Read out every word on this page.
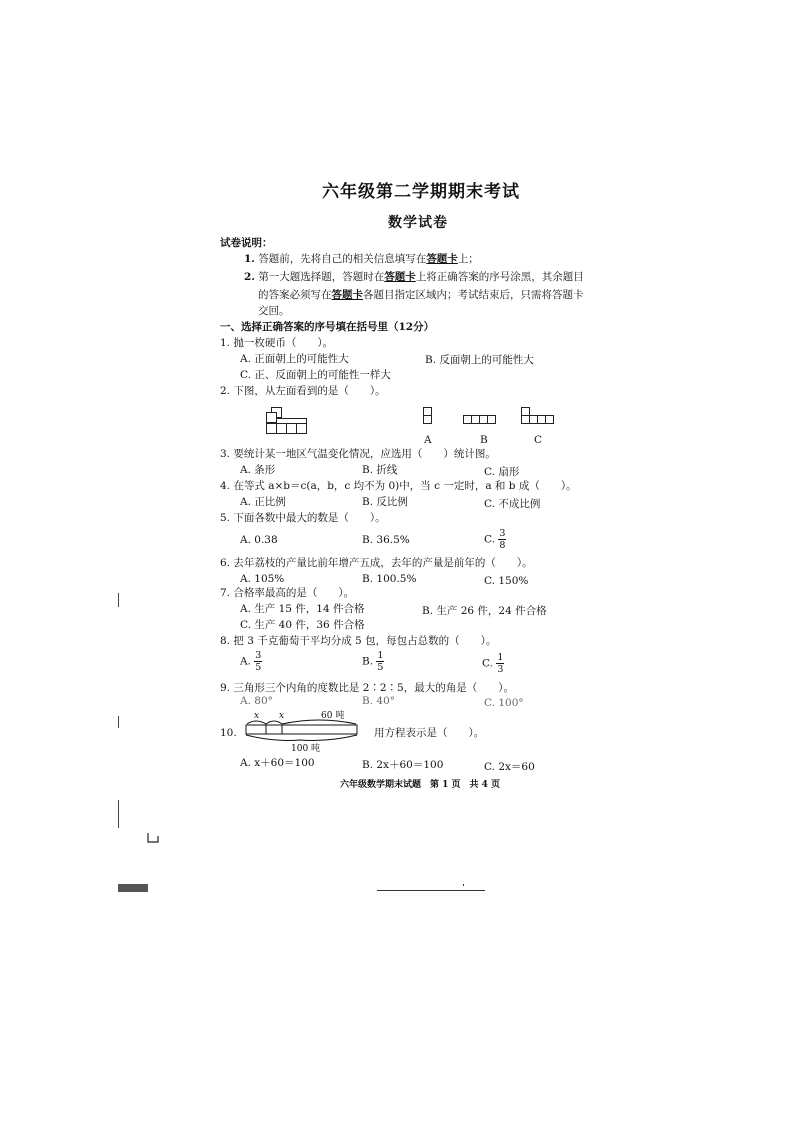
六年级第二学期期末考试
数学试卷
试卷说明：
1. 答题前，先将自己的相关信息填写在答题卡上；
2. 第一大题选择题，答题时在答题卡上将正确答案的序号涂黑，其余题目
的答案必须写在答题卡各题目指定区域内；考试结束后，只需将答题卡
交回。
一、选择正确答案的序号填在括号里（12分）
1. 抛一枚硬币（　　）。
A. 正面朝上的可能性大	B. 反面朝上的可能性大
C. 正、反面朝上的可能性一样大
2. 下图，从左面看到的是（　　）。
A	B	C
3. 要统计某一地区气温变化情况，应选用（　　）统计图。
A. 条形	B. 折线	C. 扇形
4. 在等式 a×b＝c(a，b，c 均不为 0)中，当 c 一定时，a 和 b 成（　　）。
A. 正比例	B. 反比例	C. 不成比例
5. 下面各数中最大的数是（　　）。
A. 0.38	B. 36.5%	C. $\frac{3}{8}$
6. 去年荔枝的产量比前年增产五成，去年的产量是前年的（　　）。
A. 105%	B. 100.5%	C. 150%
7. 合格率最高的是（　　）。
A. 生产 15 件，14 件合格	B. 生产 26 件，24 件合格
C. 生产 40 件，36 件合格
8. 把 3 千克葡萄干平均分成 5 包，每包占总数的（　　）。
A. $\frac{3}{5}$	B. $\frac{1}{5}$	C. $\frac{1}{3}$
9. 三角形三个内角的度数比是 2∶2∶5，最大的角是（　　）。
A. 80°	B. 40°	C. 100°
10.
x x	60 吨
100 吨
用方程表示是（　　）。
A. x＋60＝100	B. 2x＋60＝100	C. 2x＝60
六年级数学期末试题　第 1 页　共 4 页
